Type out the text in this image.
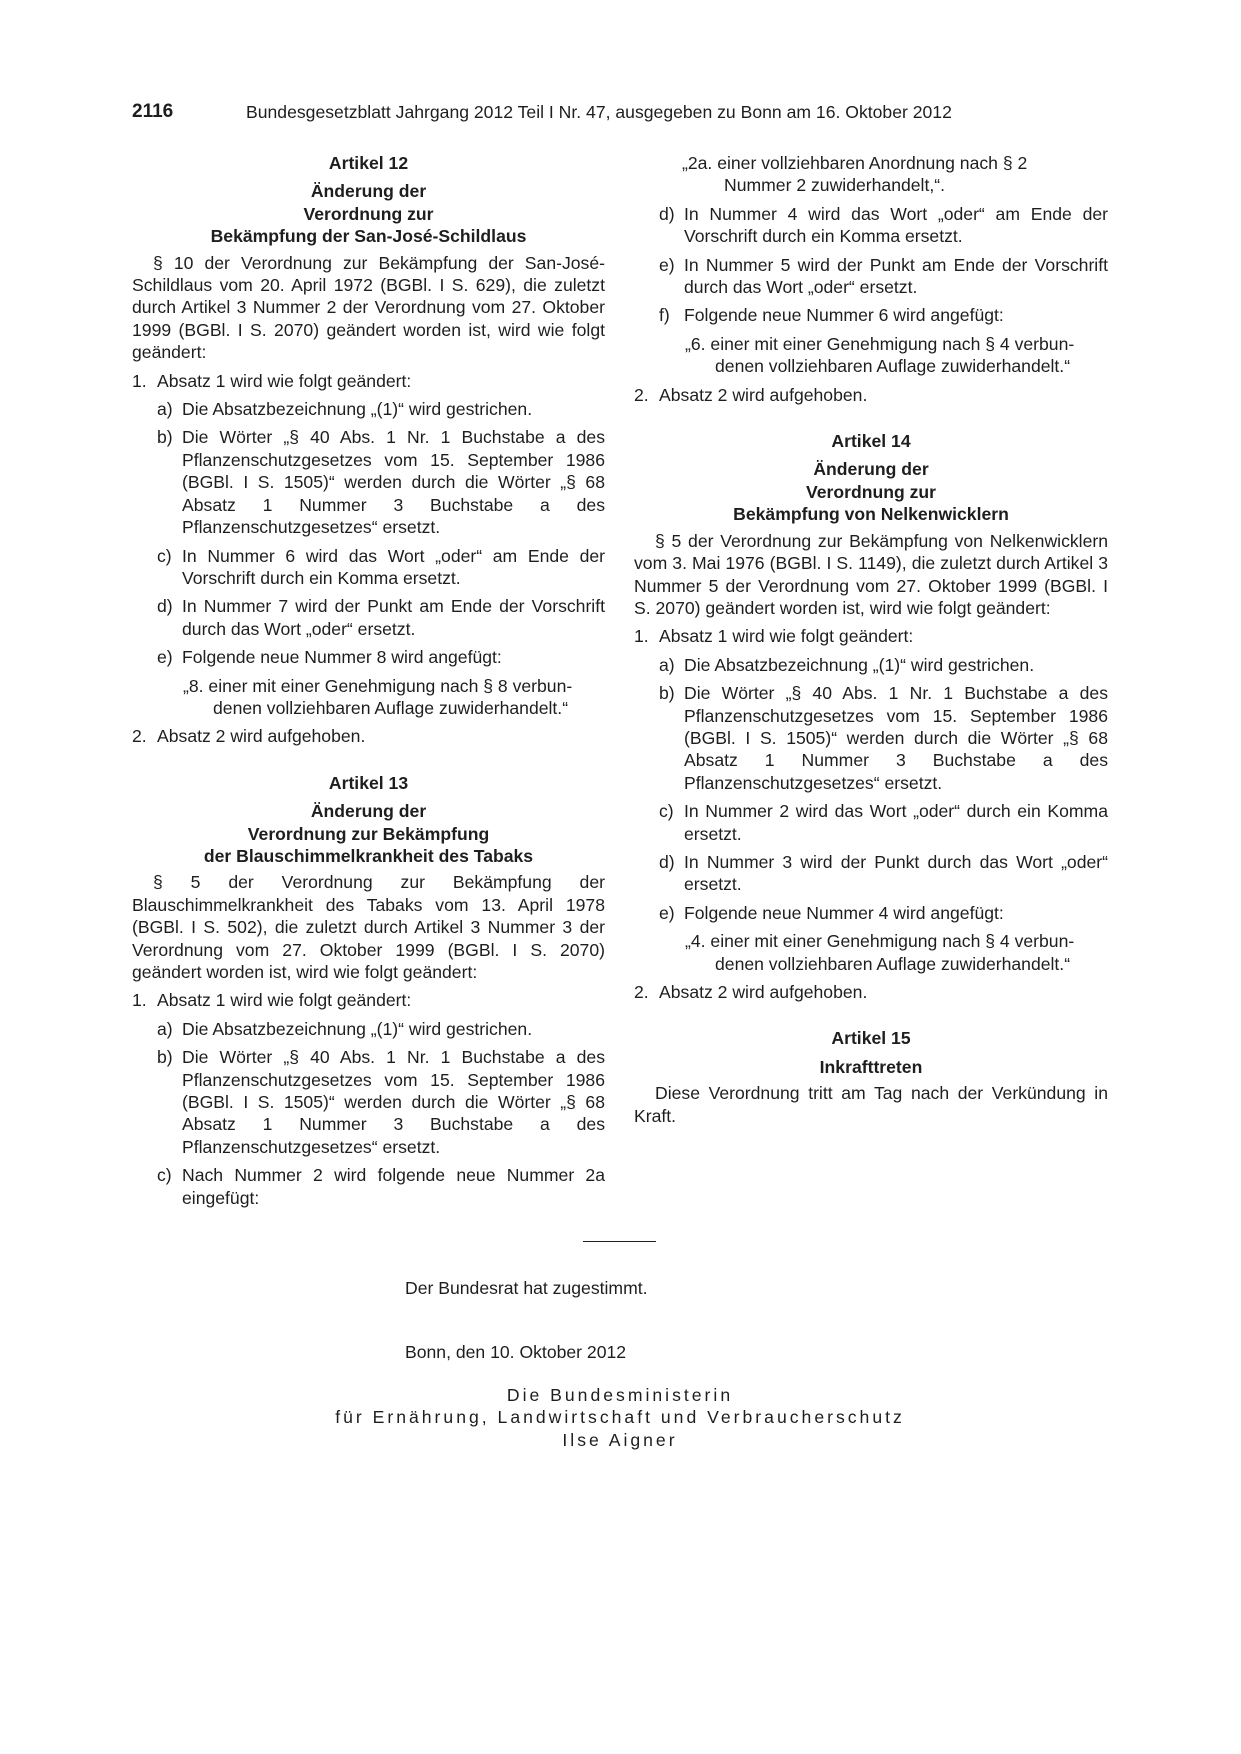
2116	Bundesgesetzblatt Jahrgang 2012 Teil I Nr. 47, ausgegeben zu Bonn am 16. Oktober 2012
Artikel 12
Änderung der
Verordnung zur
Bekämpfung der San-José-Schildlaus

§ 10 der Verordnung zur Bekämpfung der San-José-Schildlaus vom 20. April 1972 (BGBl. I S. 629), die zuletzt durch Artikel 3 Nummer 2 der Verordnung vom 27. Oktober 1999 (BGBl. I S. 2070) geändert worden ist, wird wie folgt geändert:

1. Absatz 1 wird wie folgt geändert:
a) Die Absatzbezeichnung „(1)“ wird gestrichen.
b) Die Wörter „§ 40 Abs. 1 Nr. 1 Buchstabe a des Pflanzenschutzgesetzes vom 15. September 1986 (BGBl. I S. 1505)“ werden durch die Wörter „§ 68 Absatz 1 Nummer 3 Buchstabe a des Pflanzenschutzgesetzes“ ersetzt.
c) In Nummer 6 wird das Wort „oder“ am Ende der Vorschrift durch ein Komma ersetzt.
d) In Nummer 7 wird der Punkt am Ende der Vorschrift durch das Wort „oder“ ersetzt.
e) Folgende neue Nummer 8 wird angefügt:
„8. einer mit einer Genehmigung nach § 8 verbun-
denen vollziehbaren Auflage zuwiderhandelt.“
2. Absatz 2 wird aufgehoben.
Artikel 13
Änderung der
Verordnung zur Bekämpfung
der Blauschimmelkrankheit des Tabaks

§ 5 der Verordnung zur Bekämpfung der Blauschimmelkrankheit des Tabaks vom 13. April 1978 (BGBl. I S. 502), die zuletzt durch Artikel 3 Nummer 3 der Verordnung vom 27. Oktober 1999 (BGBl. I S. 2070) geändert worden ist, wird wie folgt geändert:

1. Absatz 1 wird wie folgt geändert:
a) Die Absatzbezeichnung „(1)“ wird gestrichen.
b) Die Wörter „§ 40 Abs. 1 Nr. 1 Buchstabe a des Pflanzenschutzgesetzes vom 15. September 1986 (BGBl. I S. 1505)“ werden durch die Wörter „§ 68 Absatz 1 Nummer 3 Buchstabe a des Pflanzenschutzgesetzes“ ersetzt.
c) Nach Nummer 2 wird folgende neue Nummer 2a eingefügt:
„2a. einer vollziehbaren Anordnung nach § 2
Nummer 2 zuwiderhandelt,“.
d) In Nummer 4 wird das Wort „oder“ am Ende der Vorschrift durch ein Komma ersetzt.
e) In Nummer 5 wird der Punkt am Ende der Vorschrift durch das Wort „oder“ ersetzt.
f) Folgende neue Nummer 6 wird angefügt:
„6. einer mit einer Genehmigung nach § 4 verbun-
denen vollziehbaren Auflage zuwiderhandelt.“
2. Absatz 2 wird aufgehoben.
Artikel 14
Änderung der
Verordnung zur
Bekämpfung von Nelkenwicklern

§ 5 der Verordnung zur Bekämpfung von Nelkenwicklern vom 3. Mai 1976 (BGBl. I S. 1149), die zuletzt durch Artikel 3 Nummer 5 der Verordnung vom 27. Oktober 1999 (BGBl. I S. 2070) geändert worden ist, wird wie folgt geändert:

1. Absatz 1 wird wie folgt geändert:
a) Die Absatzbezeichnung „(1)“ wird gestrichen.
b) Die Wörter „§ 40 Abs. 1 Nr. 1 Buchstabe a des Pflanzenschutzgesetzes vom 15. September 1986 (BGBl. I S. 1505)“ werden durch die Wörter „§ 68 Absatz 1 Nummer 3 Buchstabe a des Pflanzenschutzgesetzes“ ersetzt.
c) In Nummer 2 wird das Wort „oder“ durch ein Komma ersetzt.
d) In Nummer 3 wird der Punkt durch das Wort „oder“ ersetzt.
e) Folgende neue Nummer 4 wird angefügt:
„4. einer mit einer Genehmigung nach § 4 verbun-
denen vollziehbaren Auflage zuwiderhandelt.“
2. Absatz 2 wird aufgehoben.
Artikel 15
Inkrafttreten

Diese Verordnung tritt am Tag nach der Verkündung in Kraft.

Der Bundesrat hat zugestimmt.

Bonn, den 10. Oktober 2012

Die Bundesministerin
für Ernährung, Landwirtschaft und Verbraucherschutz
Ilse Aigner
